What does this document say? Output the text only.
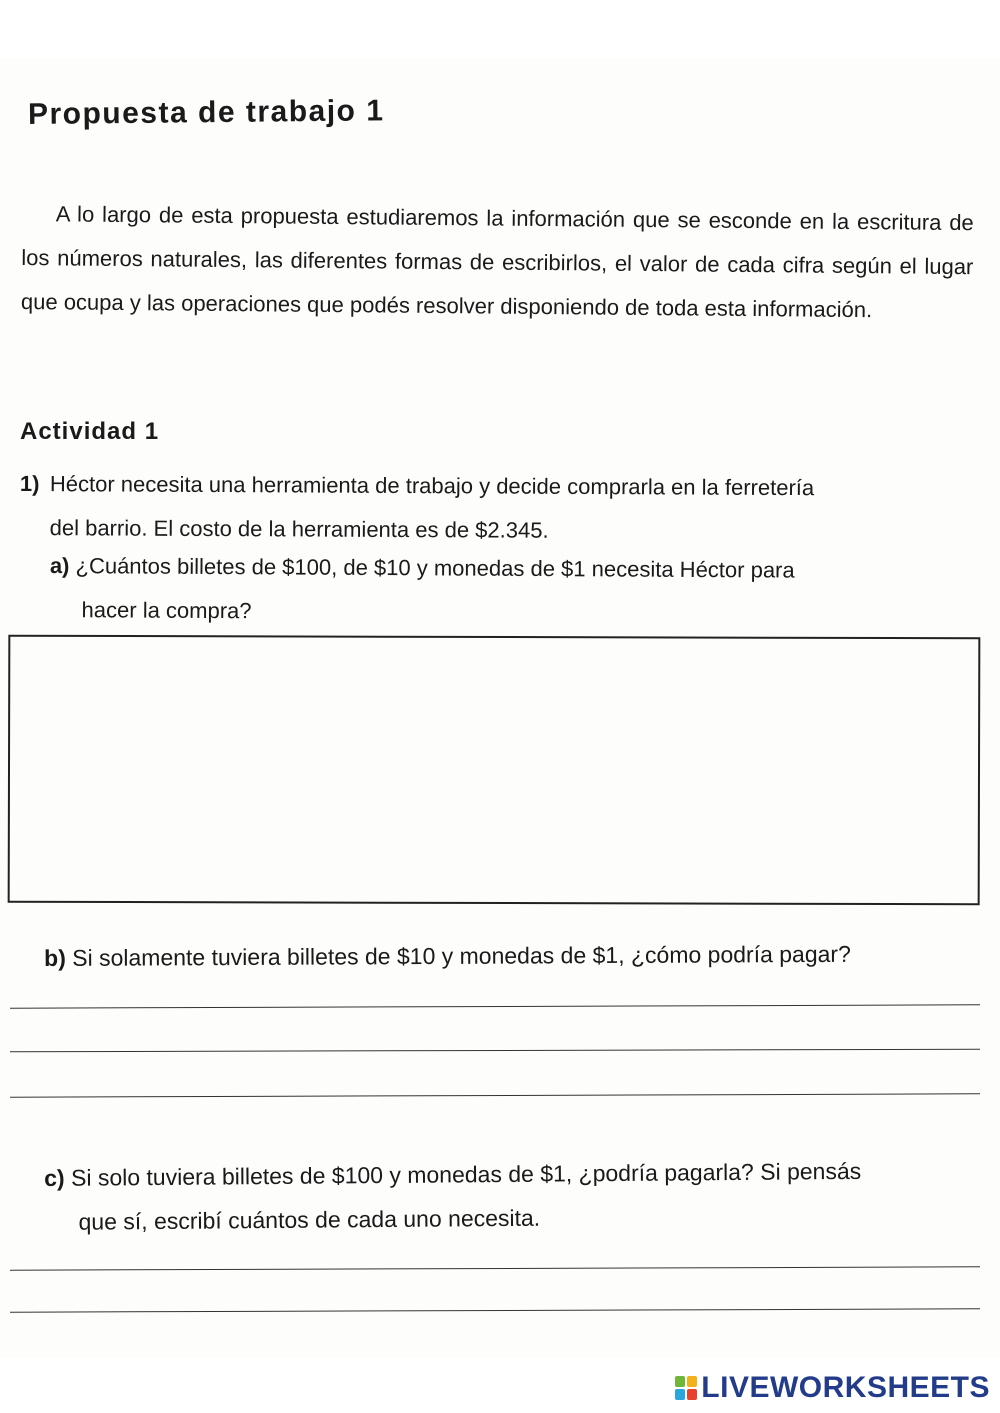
Propuesta de trabajo 1

A lo largo de esta propuesta estudiaremos la información que se esconde en la escritura de los números naturales, las diferentes formas de escribirlos, el valor de cada cifra según el lugar que ocupa y las operaciones que podés resolver disponiendo de toda esta información.

Actividad 1
1) Héctor necesita una herramienta de trabajo y decide comprarla en la ferretería
del barrio. El costo de la herramienta es de $2.345.
a) ¿Cuántos billetes de $100, de $10 y monedas de $1 necesita Héctor para
hacer la compra?
b) Si solamente tuviera billetes de $10 y monedas de $1, ¿cómo podría pagar?
c) Si solo tuviera billetes de $100 y monedas de $1, ¿podría pagarla? Si pensás
que sí, escribí cuántos de cada uno necesita.
LIVEWORKSHEETS
